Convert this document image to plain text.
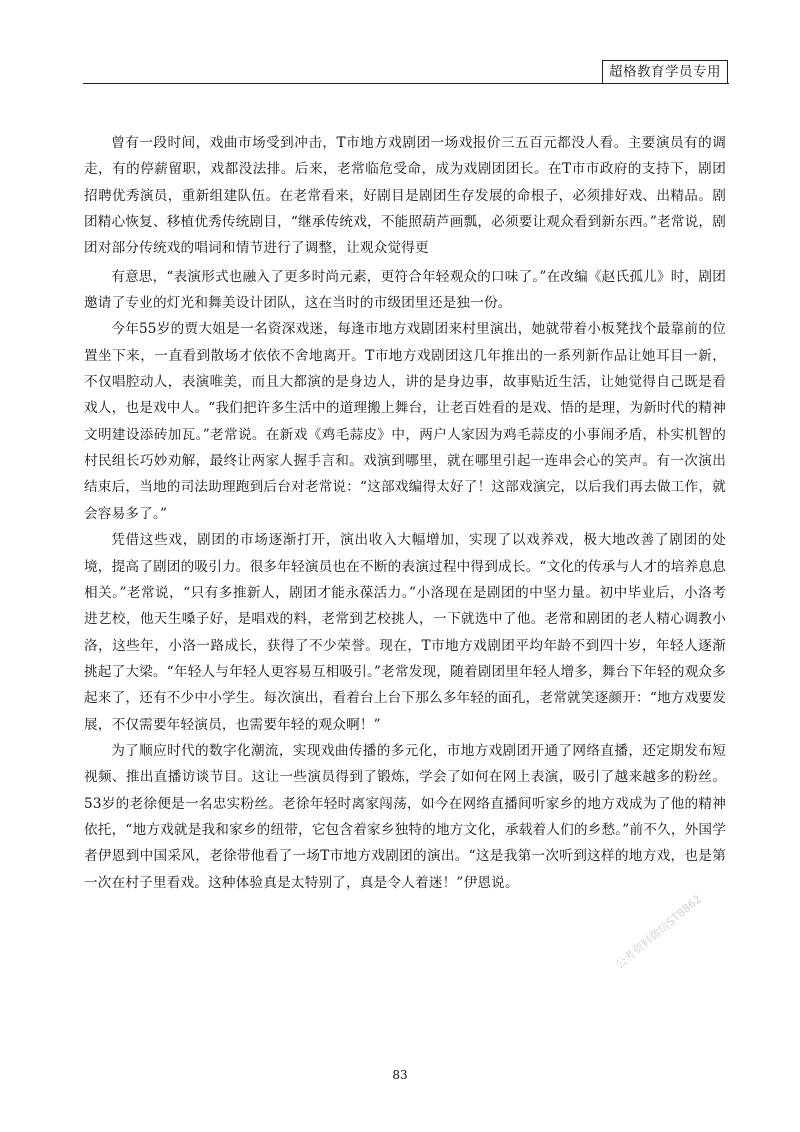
超格教育学员专用

曾有一段时间，戏曲市场受到冲击，T市地方戏剧团一场戏报价三五百元都没人看。主要演员有的调走，有的停薪留职，戏都没法排。后来，老常临危受命，成为戏剧团团长。在T市市政府的支持下，剧团招聘优秀演员，重新组建队伍。在老常看来，好剧目是剧团生存发展的命根子，必须排好戏、出精品。剧团精心恢复、移植优秀传统剧目，“继承传统戏，不能照葫芦画瓢，必须要让观众看到新东西。”老常说，剧团对部分传统戏的唱词和情节进行了调整，让观众觉得更

有意思，“表演形式也融入了更多时尚元素，更符合年轻观众的口味了。”在改编《赵氏孤儿》时，剧团邀请了专业的灯光和舞美设计团队，这在当时的市级团里还是独一份。

今年55岁的贾大姐是一名资深戏迷，每逢市地方戏剧团来村里演出，她就带着小板凳找个最靠前的位置坐下来，一直看到散场才依依不舍地离开。T市地方戏剧团这几年推出的一系列新作品让她耳目一新，不仅唱腔动人，表演唯美，而且大都演的是身边人，讲的是身边事，故事贴近生活，让她觉得自己既是看戏人，也是戏中人。“我们把许多生活中的道理搬上舞台，让老百姓看的是戏、悟的是理，为新时代的精神文明建设添砖加瓦。”老常说。在新戏《鸡毛蒜皮》中，两户人家因为鸡毛蒜皮的小事闹矛盾，朴实机智的村民组长巧妙劝解，最终让两家人握手言和。戏演到哪里，就在哪里引起一连串会心的笑声。有一次演出结束后，当地的司法助理跑到后台对老常说：“这部戏编得太好了！这部戏演完，以后我们再去做工作，就会容易多了。”

凭借这些戏，剧团的市场逐渐打开，演出收入大幅增加，实现了以戏养戏，极大地改善了剧团的处境，提高了剧团的吸引力。很多年轻演员也在不断的表演过程中得到成长。“文化的传承与人才的培养息息相关。”老常说，“只有多推新人，剧团才能永葆活力。”小洛现在是剧团的中坚力量。初中毕业后，小洛考进艺校，他天生嗓子好，是唱戏的料，老常到艺校挑人，一下就选中了他。老常和剧团的老人精心调教小洛，这些年，小洛一路成长，获得了不少荣誉。现在，T市地方戏剧团平均年龄不到四十岁，年轻人逐渐挑起了大梁。“年轻人与年轻人更容易互相吸引。”老常发现，随着剧团里年轻人增多，舞台下年轻的观众多起来了，还有不少中小学生。每次演出，看着台上台下那么多年轻的面孔，老常就笑逐颜开：“地方戏要发展，不仅需要年轻演员，也需要年轻的观众啊！”

为了顺应时代的数字化潮流，实现戏曲传播的多元化，市地方戏剧团开通了网络直播，还定期发布短视频、推出直播访谈节目。这让一些演员得到了锻炼，学会了如何在网上表演，吸引了越来越多的粉丝。53岁的老徐便是一名忠实粉丝。老徐年轻时离家闯荡，如今在网络直播间听家乡的地方戏成为了他的精神依托，“地方戏就是我和家乡的纽带，它包含着家乡独特的地方文化，承载着人们的乡愁。”前不久，外国学者伊恩到中国采风，老徐带他看了一场T市地方戏剧团的演出。“这是我第一次听到这样的地方戏，也是第一次在村子里看戏。这种体验真是太特别了，真是令人着迷！”伊恩说。

公考资料微信ST8862
83
